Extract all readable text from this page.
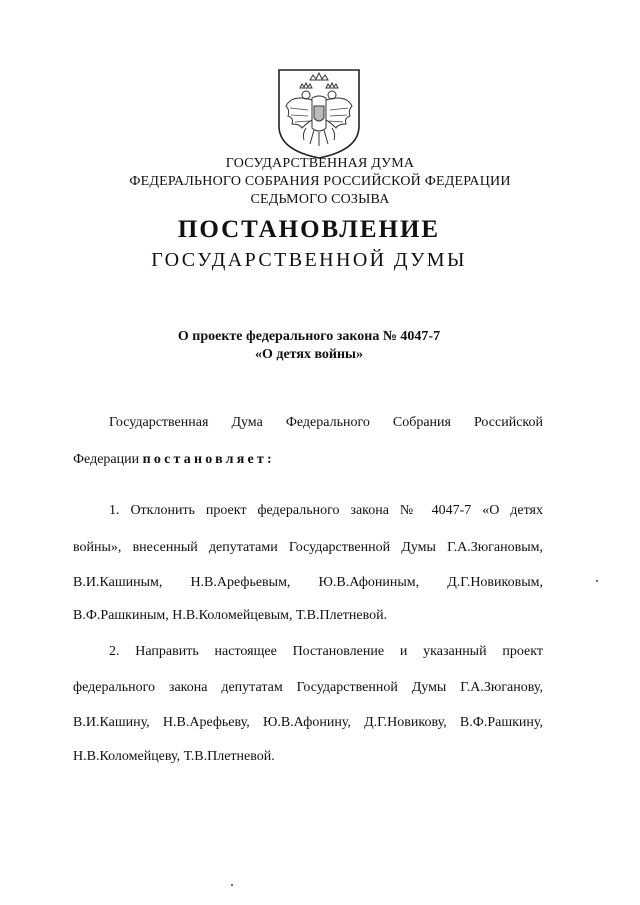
ГОСУДАРСТВЕННАЯ ДУМА
ФЕДЕРАЛЬНОГО СОБРАНИЯ РОССИЙСКОЙ ФЕДЕРАЦИИ
СЕДЬМОГО СОЗЫВА
ПОСТАНОВЛЕНИЕ
ГОСУДАРСТВЕННОЙ ДУМЫ
О проекте федерального закона № 4047-7
«О детях войны»
Государственная Дума Федерального Собрания Российской
Федерации постановляет:
1. Отклонить проект федерального закона № 4047-7 «О детях
войны», внесенный депутатами Государственной Думы Г.А.Зюгановым,
В.И.Кашиным, Н.В.Арефьевым, Ю.В.Афониным, Д.Г.Новиковым,
В.Ф.Рашкиным, Н.В.Коломейцевым, Т.В.Плетневой.
2. Направить настоящее Постановление и указанный проект
федерального закона депутатам Государственной Думы Г.А.Зюганову,
В.И.Кашину, Н.В.Арефьеву, Ю.В.Афонину, Д.Г.Новикову, В.Ф.Рашкину,
Н.В.Коломейцеву, Т.В.Плетневой.
